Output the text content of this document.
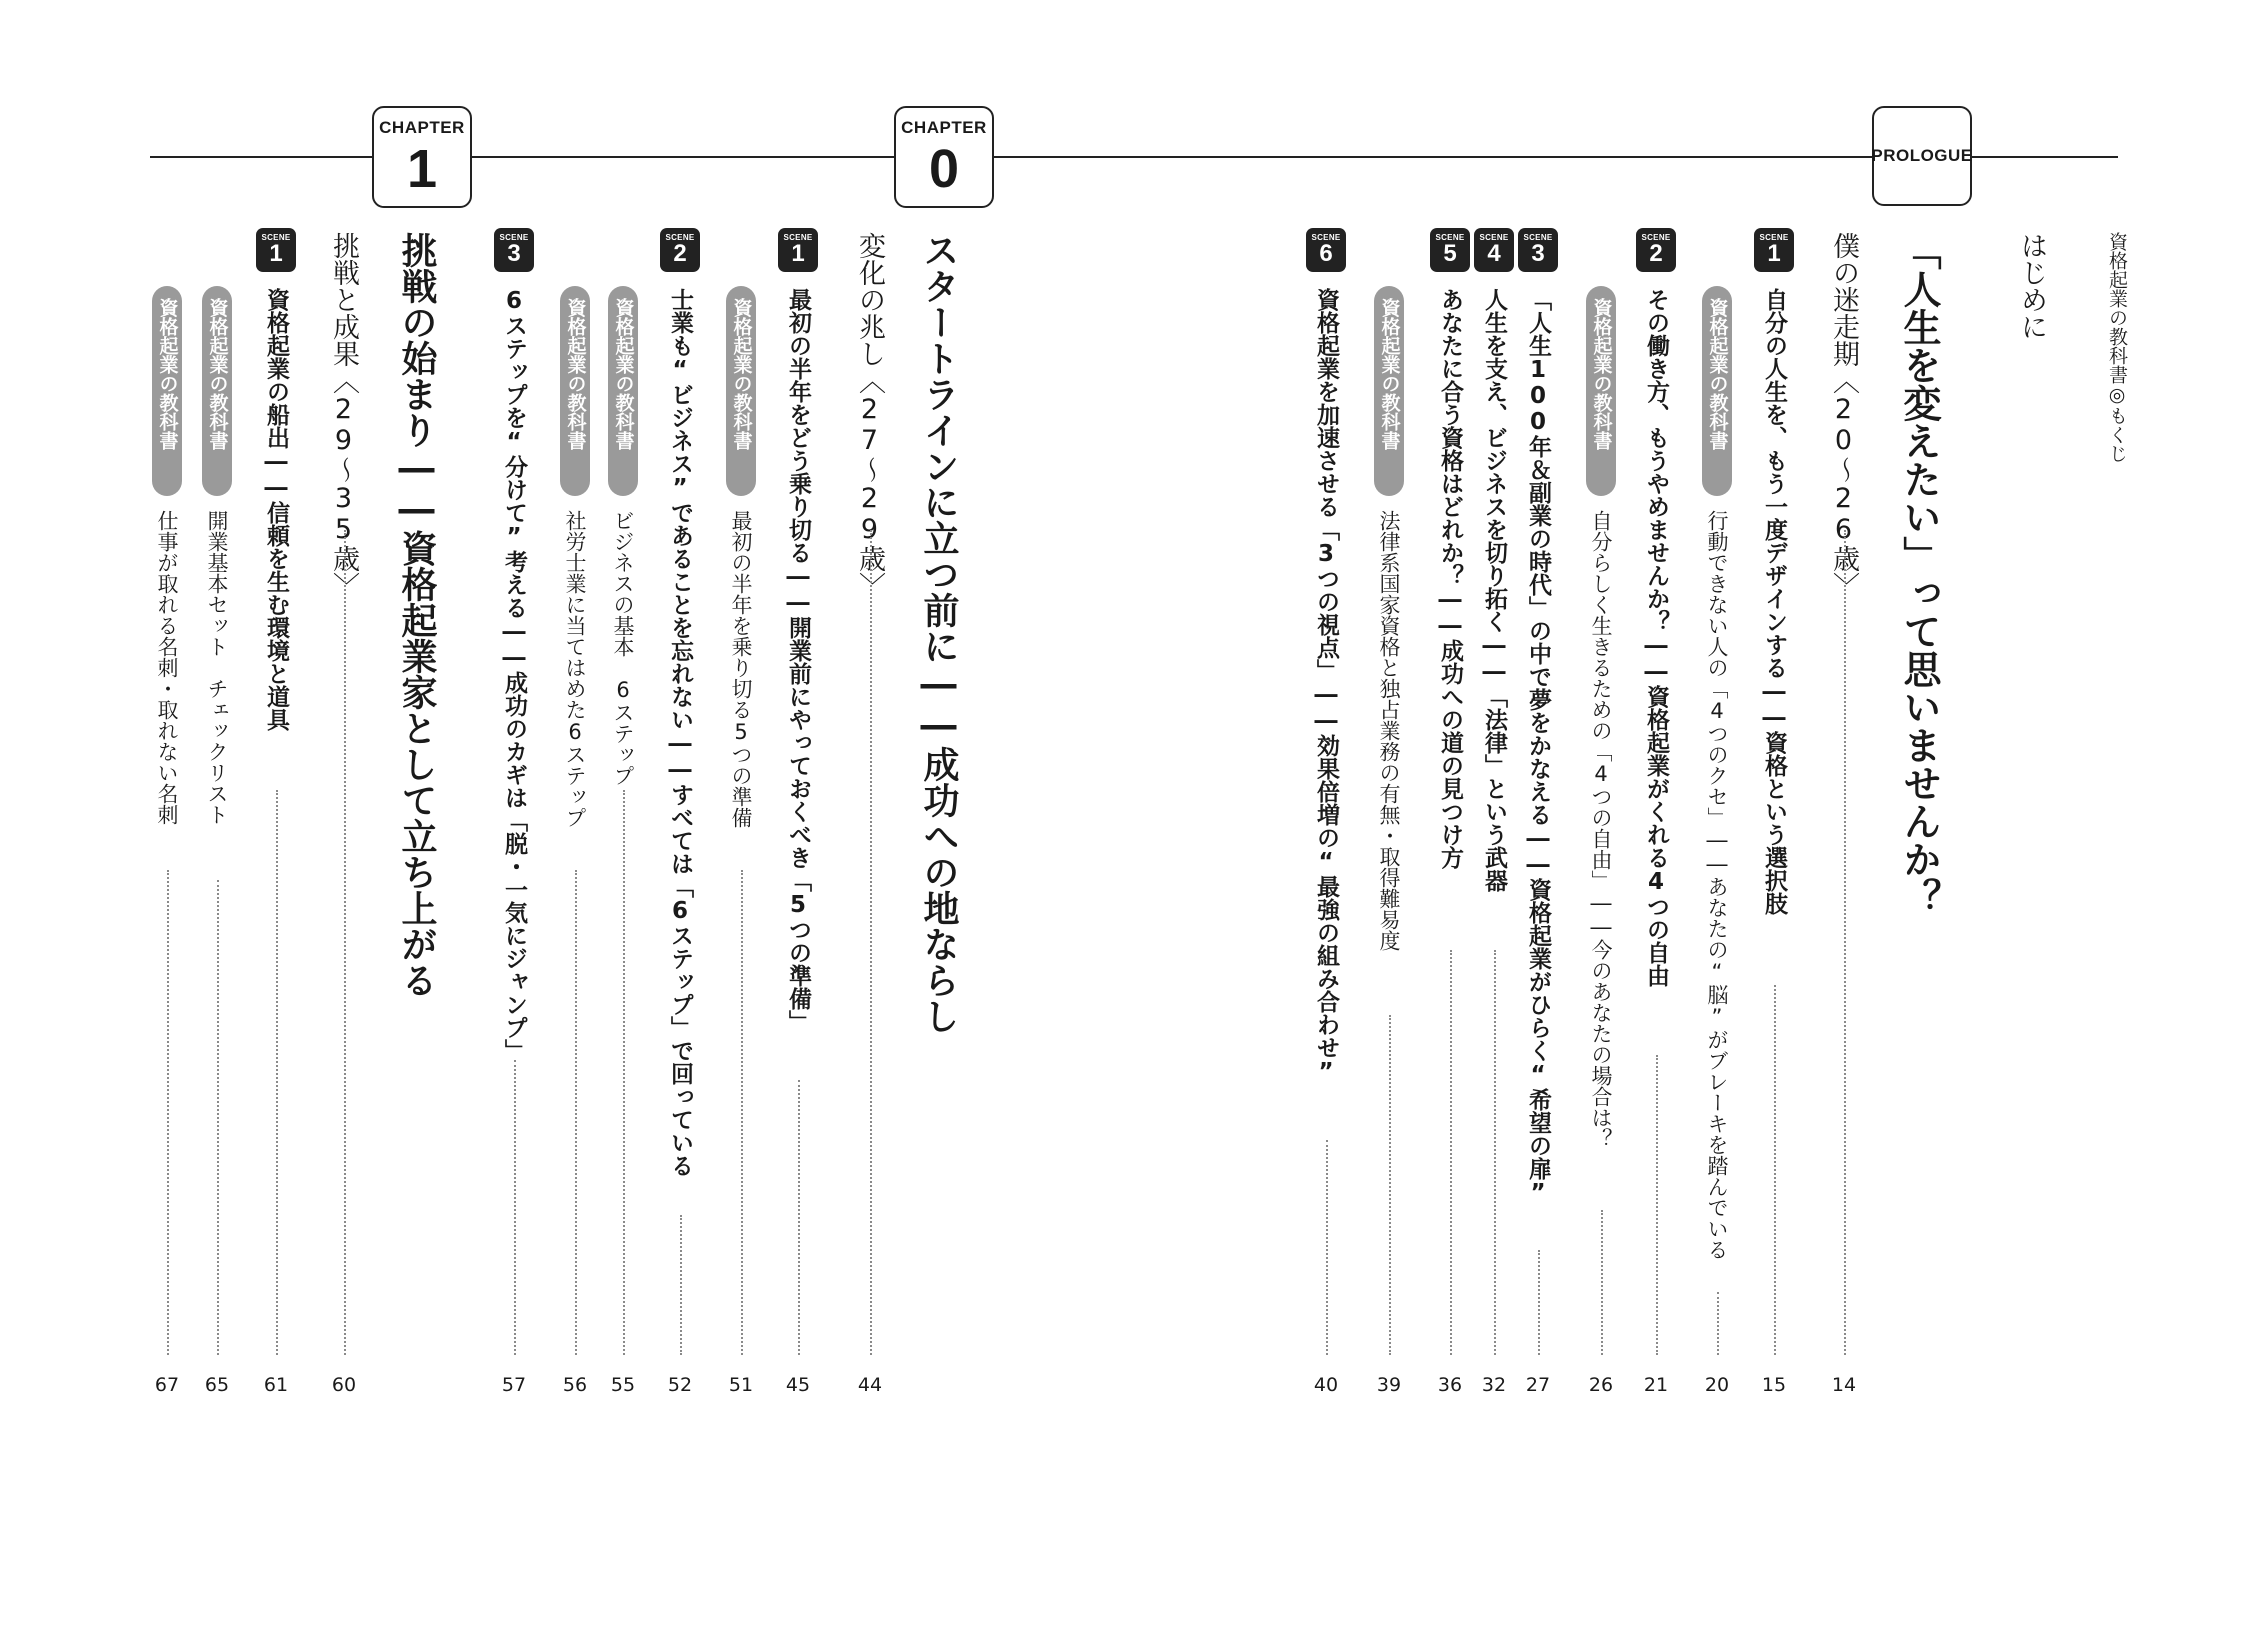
CHAPTER
1
CHAPTER
0	PROLOGUE
資格起業の教科書◎もくじ
はじめに
「人生を変えたい」って思いませんか？
僕の迷走期〈20〜26歳〉
14
SCENE
1
自分の人生を、もう一度デザインする――資格という選択肢
15
資格起業の教科書
行動できない人の「4つのクセ」――あなたの“脳”がブレーキを踏んでいる
20
SCENE
2
その働き方、もうやめませんか？――資格起業がくれる4つの自由
21
資格起業の教科書
自分らしく生きるための「4つの自由」――今のあなたの場合は？
26
SCENE
3
「人生100年＆副業の時代」の中で夢をかなえる――資格起業がひらく“希望の扉”
27
SCENE
4
人生を支え、ビジネスを切り拓く――「法律」という武器
32
SCENE
5
あなたに合う資格はどれか？――成功への道の見つけ方
36
資格起業の教科書
法律系国家資格と独占業務の有無・取得難易度
39
SCENE
6
資格起業を加速させる「3つの視点」――効果倍増の“最強の組み合わせ”
40
スタートラインに立つ前に――成功への地ならし
変化の兆し〈27〜29歳〉
44
SCENE
1
最初の半年をどう乗り切る――開業前にやっておくべき「5つの準備」
45
資格起業の教科書
最初の半年を乗り切る5つの準備
51
SCENE
2
士業も“ビジネス”であることを忘れない――すべては「6ステップ」で回っている
52
資格起業の教科書
ビジネスの基本　6ステップ
55
資格起業の教科書
社労士業に当てはめた6ステップ
56
SCENE
3
6ステップを“分けて”考える――成功のカギは「脱・一気にジャンプ」
57
挑戦の始まり――資格起業家として立ち上がる
挑戦と成果〈29〜35歳〉
60
SCENE
1
資格起業の船出――信頼を生む環境と道具
61
資格起業の教科書
開業基本セット　チェックリスト
65
資格起業の教科書
仕事が取れる名刺・取れない名刺
67
